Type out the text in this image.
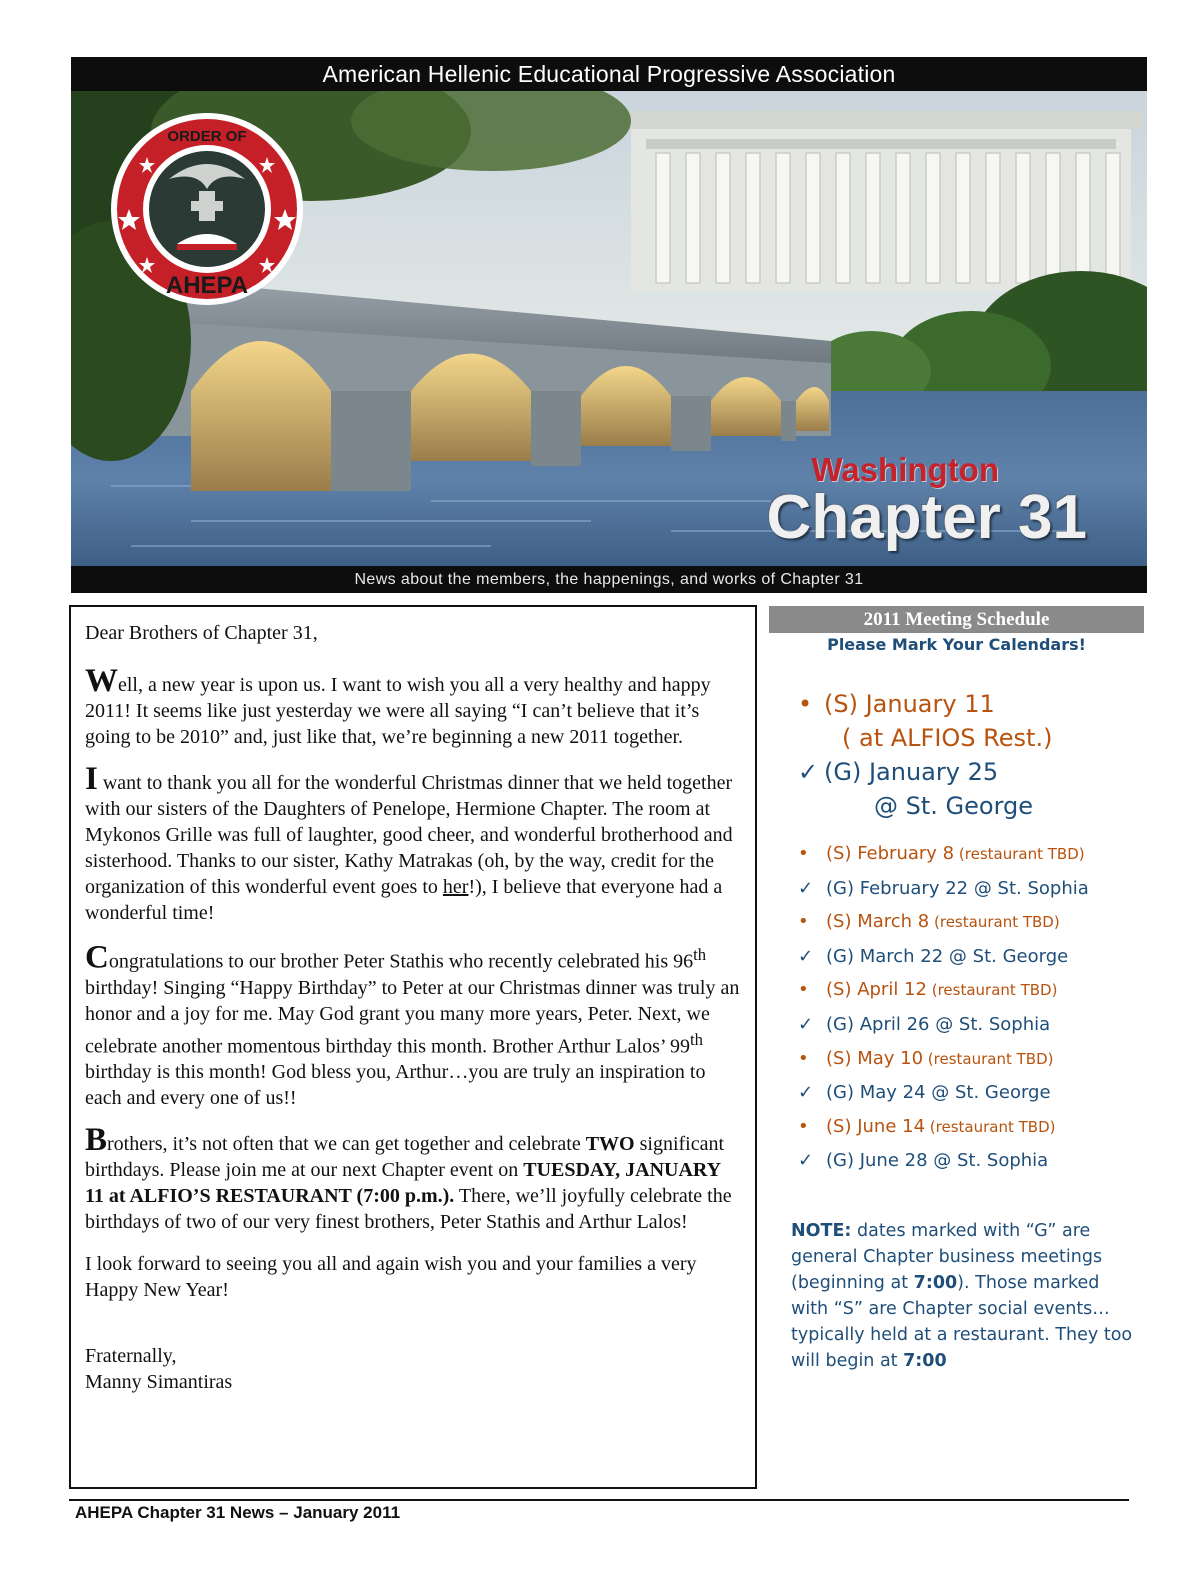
American Hellenic Educational Progressive Association
ORDER OF
AHEPA
Washington
Chapter 31
News about the members, the happenings, and works of Chapter 31

Dear Brothers of Chapter 31,

Well, a new year is upon us. I want to wish you all a very healthy and happy 2011! It seems like just yesterday we were all saying “I can’t believe that it’s going to be 2010” and, just like that, we’re beginning a new 2011 together.

I want to thank you all for the wonderful Christmas dinner that we held together with our sisters of the Daughters of Penelope, Hermione Chapter. The room at Mykonos Grille was full of laughter, good cheer, and wonderful brotherhood and sisterhood. Thanks to our sister, Kathy Matrakas (oh, by the way, credit for the organization of this wonderful event goes to her!), I believe that everyone had a wonderful time!

Congratulations to our brother Peter Stathis who recently celebrated his 96th birthday! Singing “Happy Birthday” to Peter at our Christmas dinner was truly an honor and a joy for me. May God grant you many more years, Peter. Next, we celebrate another momentous birthday this month. Brother Arthur Lalos’ 99th birthday is this month! God bless you, Arthur…you are truly an inspiration to each and every one of us!!

Brothers, it’s not often that we can get together and celebrate TWO significant birthdays. Please join me at our next Chapter event on TUESDAY, JANUARY 11 at ALFIO’S RESTAURANT (7:00 p.m.). There, we’ll joyfully celebrate the birthdays of two of our very finest brothers, Peter Stathis and Arthur Lalos!

I look forward to seeing you all and again wish you and your families a very Happy New Year!

Fraternally,

Manny Simantiras

2011 Meeting Schedule
Please Mark Your Calendars!
• (S) January 11
( at ALFIOS Rest.)
✓ (G) January 25
@ St. George
• (S) February 8 (restaurant TBD)
✓ (G) February 22 @ St. Sophia
• (S) March 8 (restaurant TBD)
✓ (G) March 22 @ St. George
• (S) April 12 (restaurant TBD)
✓ (G) April 26 @ St. Sophia
• (S) May 10 (restaurant TBD)
✓ (G) May 24 @ St. George
• (S) June 14 (restaurant TBD)
✓ (G) June 28 @ St. Sophia
NOTE: dates marked with “G” are general Chapter business meetings (beginning at 7:00). Those marked with “S” are Chapter social events…typically held at a restaurant. They too will begin at 7:00
AHEPA Chapter 31 News – January 2011
